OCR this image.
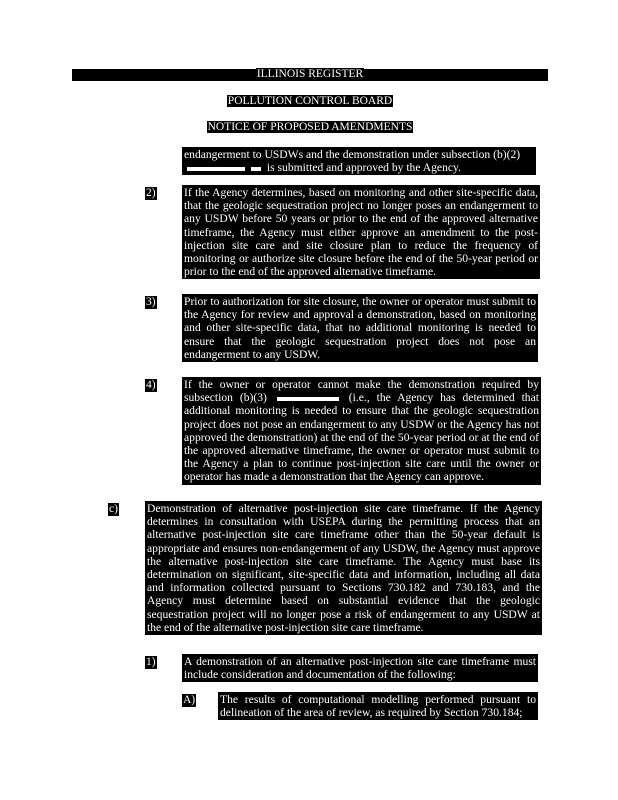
ILLINOIS REGISTER
POLLUTION CONTROL BOARD
NOTICE OF PROPOSED AMENDMENTS
endangerment to USDWs and the demonstration under subsection (b)(2)
is submitted and approved by the Agency.
2) If the Agency determines, based on monitoring and other site-specific data, that the geologic sequestration project no longer poses an endangerment to any USDW before 50 years or prior to the end of the approved alternative timeframe, the Agency must either approve an amendment to the post-injection site care and site closure plan to reduce the frequency of monitoring or authorize site closure before the end of the 50-year period or prior to the end of the approved alternative timeframe.
3) Prior to authorization for site closure, the owner or operator must submit to the Agency for review and approval a demonstration, based on monitoring and other site-specific data, that no additional monitoring is needed to ensure that the geologic sequestration project does not pose an endangerment to any USDW.
4) If the owner or operator cannot make the demonstration required by subsection (b)(3)	(i.e., the Agency has determined that additional monitoring is needed to ensure that the geologic sequestration project does not pose an endangerment to any USDW or the Agency has not approved the demonstration) at the end of the 50-year period or at the end of the approved alternative timeframe, the owner or operator must submit to the Agency a plan to continue post-injection site care until the owner or operator has made a demonstration that the Agency can approve.
c)	Demonstration of alternative post-injection site care timeframe. If the Agency determines in consultation with USEPA during the permitting process that an alternative post-injection site care timeframe other than the 50-year default is appropriate and ensures non-endangerment of any USDW, the Agency must approve the alternative post-injection site care timeframe. The Agency must base its determination on significant, site-specific data and information, including all data and information collected pursuant to Sections 730.182 and 730.183, and the Agency must determine based on substantial evidence that the geologic sequestration project will no longer pose a risk of endangerment to any USDW at the end of the alternative post-injection site care timeframe.
1) A demonstration of an alternative post-injection site care timeframe must include consideration and documentation of the following:
A) The results of computational modelling performed pursuant to delineation of the area of review, as required by Section 730.184;
